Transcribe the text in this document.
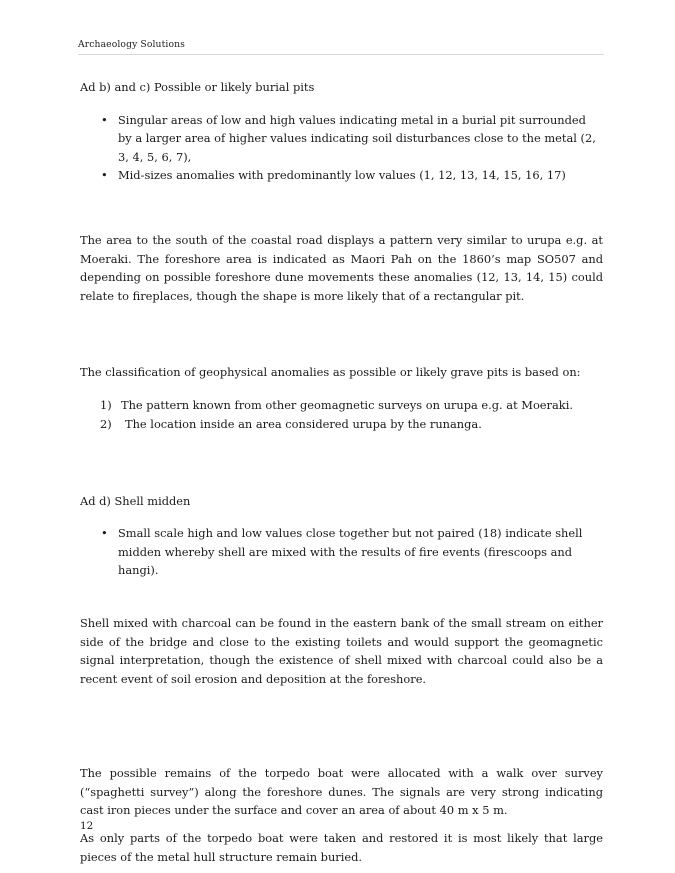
Archaeology Solutions
Ad b) and c) Possible or likely burial pits
• Singular areas of low and high values indicating metal in a burial pit surrounded by a larger area of higher values indicating soil disturbances close to the metal (2, 3, 4, 5, 6, 7),
• Mid-sizes anomalies with predominantly low values (1, 12, 13, 14, 15, 16, 17)

The area to the south of the coastal road displays a pattern very similar to urupa e.g. at Moeraki. The foreshore area is indicated as Maori Pah on the 1860’s map SO507 and depending on possible foreshore dune movements these anomalies (12, 13, 14, 15) could relate to fireplaces, though the shape is more likely that of a rectangular pit.

The classification of geophysical anomalies as possible or likely grave pits is based on:

1) The pattern known from other geomagnetic surveys on urupa e.g. at Moeraki.
2) The location inside an area considered urupa by the runanga.
Ad d) Shell midden
• Small scale high and low values close together but not paired (18) indicate shell midden whereby shell are mixed with the results of fire events (firescoops and hangi).

Shell mixed with charcoal can be found in the eastern bank of the small stream on either side of the bridge and close to the existing toilets and would support the geomagnetic signal interpretation, though the existence of shell mixed with charcoal could also be a recent event of soil erosion and deposition at the foreshore.

The possible remains of the torpedo boat were allocated with a walk over survey (“spaghetti survey”) along the foreshore dunes. The signals are very strong indicating cast iron pieces under the surface and cover an area of about 40 m x 5 m.

As only parts of the torpedo boat were taken and restored it is most likely that large pieces of the metal hull structure remain buried.

12
